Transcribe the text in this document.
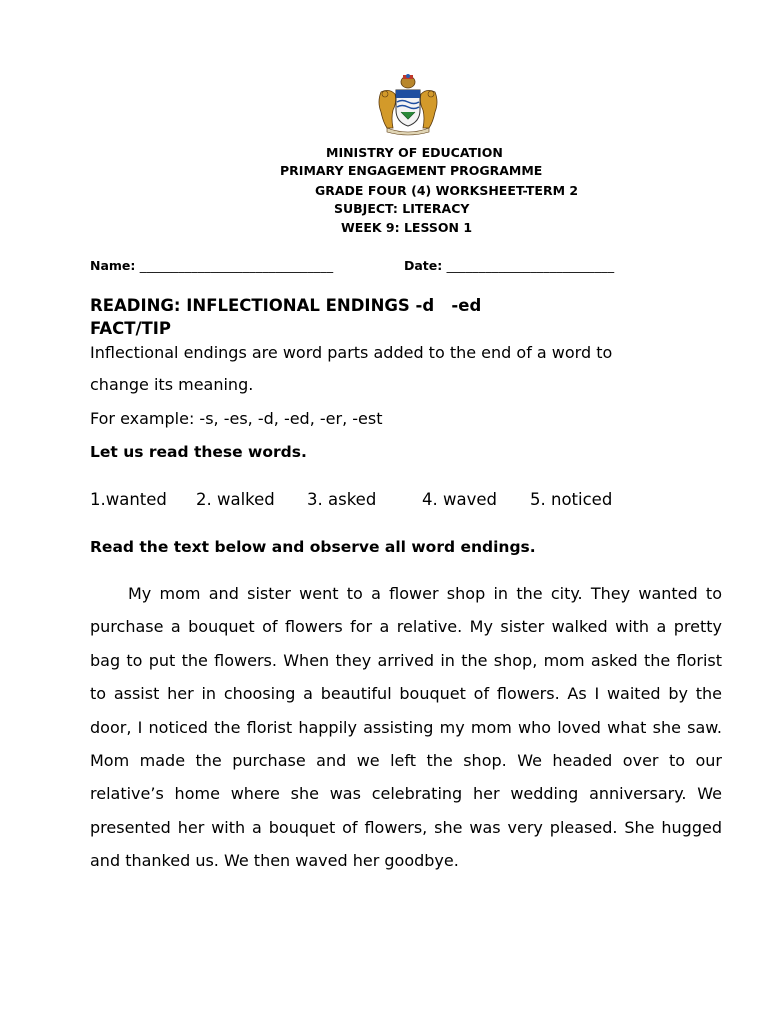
MINISTRY OF EDUCATION
PRIMARY ENGAGEMENT PROGRAMME
GRADE FOUR (4) WORKSHEET-TERM 2
SUBJECT: LITERACY
WEEK 9: LESSON 1
Name: ______________________________	Date: __________________________
READING: INFLECTIONAL ENDINGS -d   -ed
FACT/TIP
Inflectional endings are word parts added to the end of a word to
change its meaning.
For example: -s, -es, -d, -ed, -er, -est
Let us read these words.
1.wanted 2. walked 3. asked	4. waved 5. noticed
Read the text below and observe all word endings.
My mom and sister went to a flower shop in the city. They wanted to purchase a bouquet of flowers for a relative. My sister walked with a pretty bag to put the flowers. When they arrived in the shop, mom asked the florist to assist her in choosing a beautiful bouquet of flowers. As I waited by the door, I noticed the florist happily assisting my mom who loved what she saw. Mom made the purchase and we left the shop. We headed over to our relative’s home where she was celebrating her wedding anniversary. We presented her with a bouquet of flowers, she was very pleased. She hugged and thanked us. We then waved her goodbye.
